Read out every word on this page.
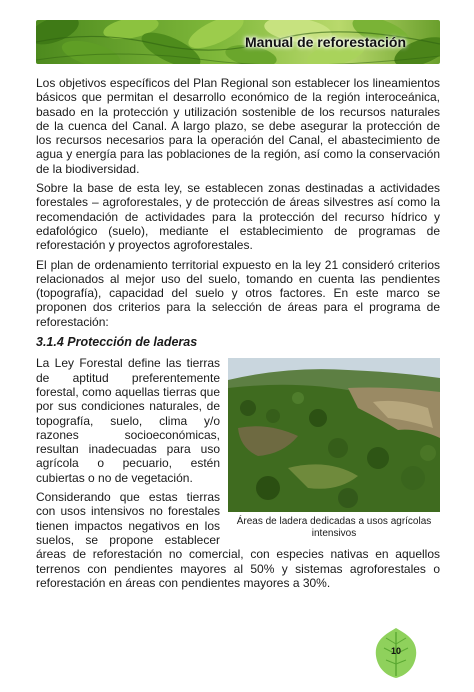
Manual de reforestación

Los objetivos específicos del Plan Regional son establecer los lineamientos básicos que permitan el desarrollo económico de la región interoceánica, basado en la protección y utilización sostenible de los recursos naturales de la cuenca del Canal. A largo plazo, se debe asegurar la protección de los recursos necesarios para la operación del Canal, el abastecimiento de agua y energía para las poblaciones de la región, así como la conservación de la biodiversidad.

Sobre la base de esta ley, se establecen zonas destinadas a actividades forestales – agroforestales, y de protección de áreas silvestres así como la recomendación de actividades para la protección del recurso hídrico y edafológico (suelo), mediante el establecimiento de programas de reforestación y proyectos agroforestales.

El plan de ordenamiento territorial expuesto en la ley 21 consideró criterios relacionados al mejor uso del suelo, tomando en cuenta las pendientes (topografía), capacidad del suelo y otros factores. En este marco se proponen dos criterios para la selección de áreas para el programa de reforestación:

3.1.4 Protección de laderas
Áreas de ladera dedicadas a usos agrícolas intensivos

La Ley Forestal define las tierras de aptitud preferentemente forestal, como aquellas tierras que por sus condiciones naturales, de topografía, suelo, clima y/o razones socioeconómicas, resultan inadecuadas para uso agrícola o pecuario, estén cubiertas o no de vegetación.

Considerando que estas tierras con usos intensivos no forestales tienen impactos negativos en los suelos, se propone establecer áreas de reforestación no comercial, con especies nativas en aquellos terrenos con pendientes mayores al 50% y sistemas agroforestales o reforestación en áreas con pendientes mayores a 30%.

10
